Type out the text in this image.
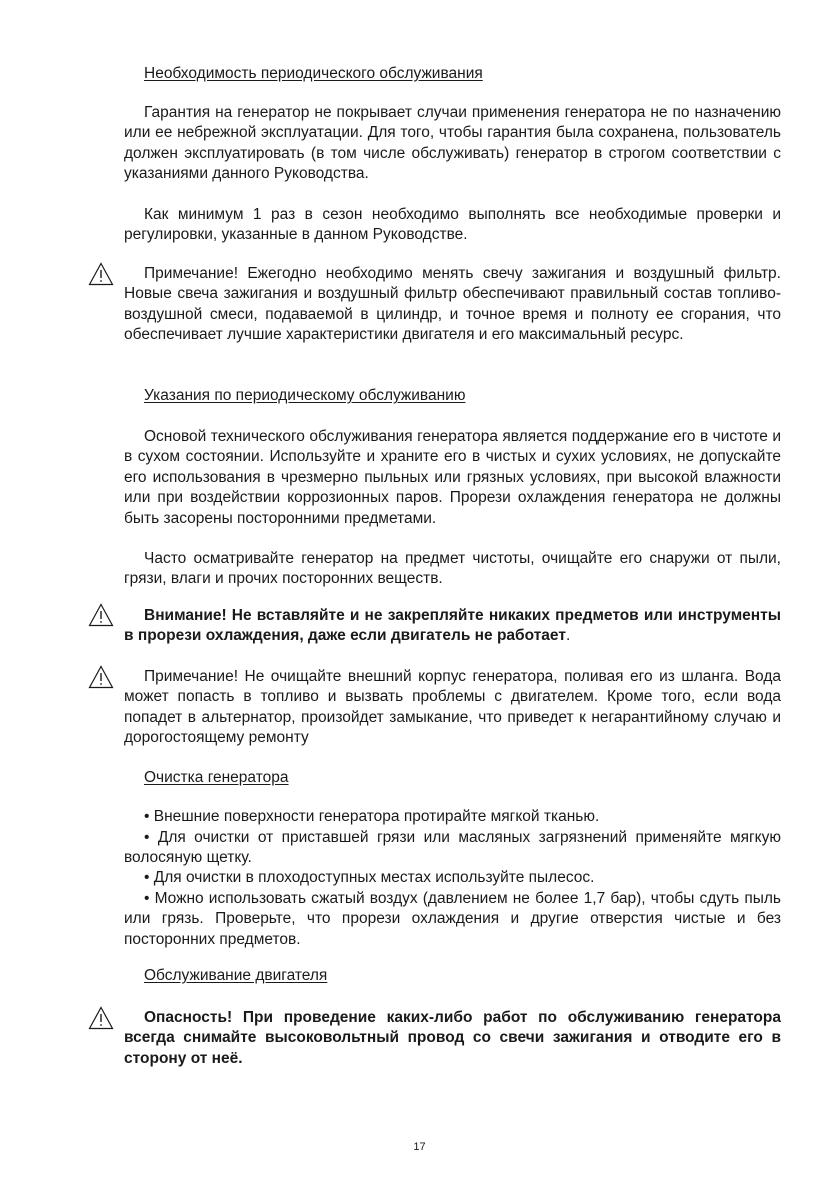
Необходимость периодического обслуживания

Гарантия на генератор не покрывает случаи применения генератора не по назначению или ее небрежной эксплуатации. Для того, чтобы гарантия была сохранена, пользователь должен эксплуатировать (в том числе обслуживать) генератор в строгом соответствии с указаниями данного Руководства.

Как минимум 1 раз в сезон необходимо выполнять все необходимые проверки и регулировки, указанные в данном Руководстве.

Примечание! Ежегодно необходимо менять свечу зажигания и воздушный фильтр. Новые свеча зажигания и воздушный фильтр обеспечивают правильный состав топливо-воздушной смеси, подаваемой в цилиндр, и точное время и полноту ее сгорания, что обеспечивает лучшие характеристики двигателя и его максимальный ресурс.

Указания по периодическому обслуживанию

Основой технического обслуживания генератора является поддержание его в чистоте и в сухом состоянии. Используйте и храните его в чистых и сухих условиях, не допускайте его использования в чрезмерно пыльных или грязных условиях, при высокой влажности или при воздействии коррозионных паров. Прорези охлаждения генератора не должны быть засорены посторонними предметами.

Часто осматривайте генератор на предмет чистоты, очищайте его снаружи от пыли, грязи, влаги и прочих посторонних веществ.

Внимание! Не вставляйте и не закрепляйте никаких предметов или инструменты в прорези охлаждения, даже если двигатель не работает.

Примечание! Не очищайте внешний корпус генератора, поливая его из шланга. Вода может попасть в топливо и вызвать проблемы с двигателем. Кроме того, если вода попадет в альтернатор, произойдет замыкание, что приведет к негарантийному случаю и дорогостоящему ремонту

Очистка генератора

• Внешние поверхности генератора протирайте мягкой тканью.

• Для очистки от приставшей грязи или масляных загрязнений применяйте мягкую волосяную щетку.

• Для очистки в плоходоступных местах используйте пылесос.

• Можно использовать сжатый воздух (давлением не более 1,7 бар), чтобы сдуть пыль или грязь. Проверьте, что прорези охлаждения и другие отверстия чистые и без посторонних предметов.

Обслуживание двигателя

Опасность! При проведение каких-либо работ по обслуживанию генератора всегда снимайте высоковольтный провод со свечи зажигания и отводите его в сторону от неё.

17
